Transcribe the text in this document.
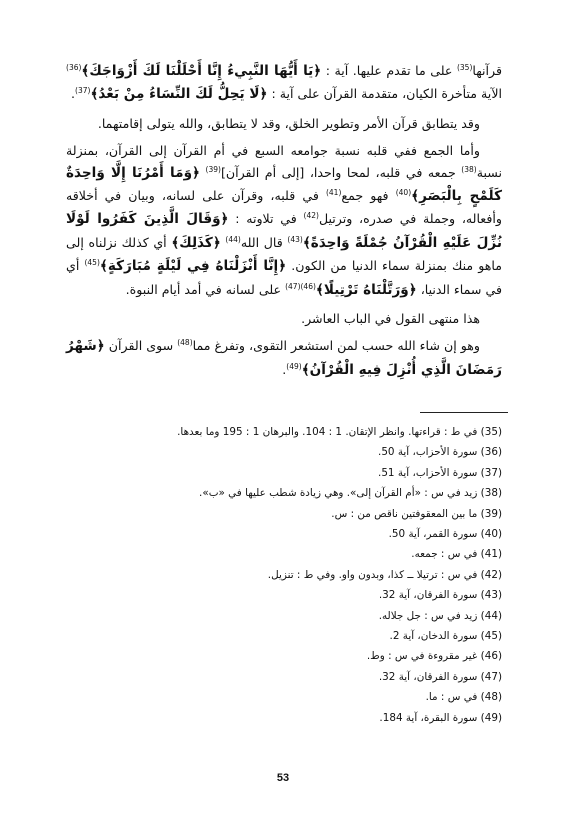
قرآنها$^{(35)}$ على ما تقدم عليها. آية : ﴿يَا أَيُّهَا النَّبِيءُ إِنَّا أَحْلَلْنَا لَكَ أَزْوَاجَكَ﴾$^{(36)}$ الآية متأخرة الكيان، متقدمة القرآن على آية : ﴿لَا يَحِلُّ لَكَ النِّسَاءُ مِنْ بَعْدُ﴾$^{(37)}$.

وقد يتطابق قرآن الأمر وتطوير الخلق، وقد لا يتطابق، والله يتولى إقامتهما.

وأما الجمع ففي قلبه نسبة جوامعه السبع في أم القرآن إلى القرآن، بمنزلة نسبة$^{(38)}$ جمعه في قلبه، لمحا واحدا، [إلى أم القرآن]$^{(39)}$ ﴿وَمَا أَمْرُنَا إِلَّا وَاحِدَةٌ كَلَمْحٍ بِالْبَصَرِ﴾$^{(40)}$ فهو جمع$^{(41)}$ في قلبه، وقرآن على لسانه، وبيان في أخلاقه وأفعاله، وجملة في صدره، وترتيل$^{(42)}$ في تلاوته : ﴿وَقَالَ الَّذِينَ كَفَرُوا لَوْلَا نُزِّلَ عَلَيْهِ الْقُرْآنُ جُمْلَةً وَاحِدَةً﴾$^{(43)}$ قال الله$^{(44)}$ ﴿كَذَلِكَ﴾ أي كذلك نزلناه إلى ماهو منك بمنزلة سماء الدنيا من الكون. ﴿إِنَّا أَنْزَلْنَاهُ فِي لَيْلَةٍ مُبَارَكَةٍ﴾$^{(45)}$ أي في سماء الدنيا، ﴿وَرَتَّلْنَاهُ تَرْتِيلًا﴾$^{(46)(47)}$ على لسانه في أمد أيام النبوة.

هذا منتهى القول في الباب العاشر.

وهو إن شاء الله حسب لمن استشعر التقوى، وتفرغ مما$^{(48)}$ سوى القرآن ﴿شَهْرُ رَمَضَانَ الَّذِي أُنْزِلَ فِيهِ الْقُرْآنُ﴾$^{(49)}$.

(35) في ط : قراءتها. وانظر الإتقان. 1 : 104. والبرهان 1 : 195 وما بعدها.
(36) سورة الأحزاب، آية 50.
(37) سورة الأحزاب، آية 51.
(38) زيد في س : «أم القرآن إلى». وهي زيادة شطب عليها في «ب».
(39) ما بين المعقوفتين ناقص من : س.
(40) سورة القمر، آية 50.
(41) في س : جمعه.
(42) في س : ترتيلا ــ كذا، وبدون واو. وفي ط : تنزيل.
(43) سورة الفرقان، آية 32.
(44) زيد في س : جل جلاله.
(45) سورة الدخان، آية 2.
(46) غير مقروءة في س : وط.
(47) سورة الفرقان، آية 32.
(48) في س : ما.
(49) سورة البقرة، آية 184.
53
